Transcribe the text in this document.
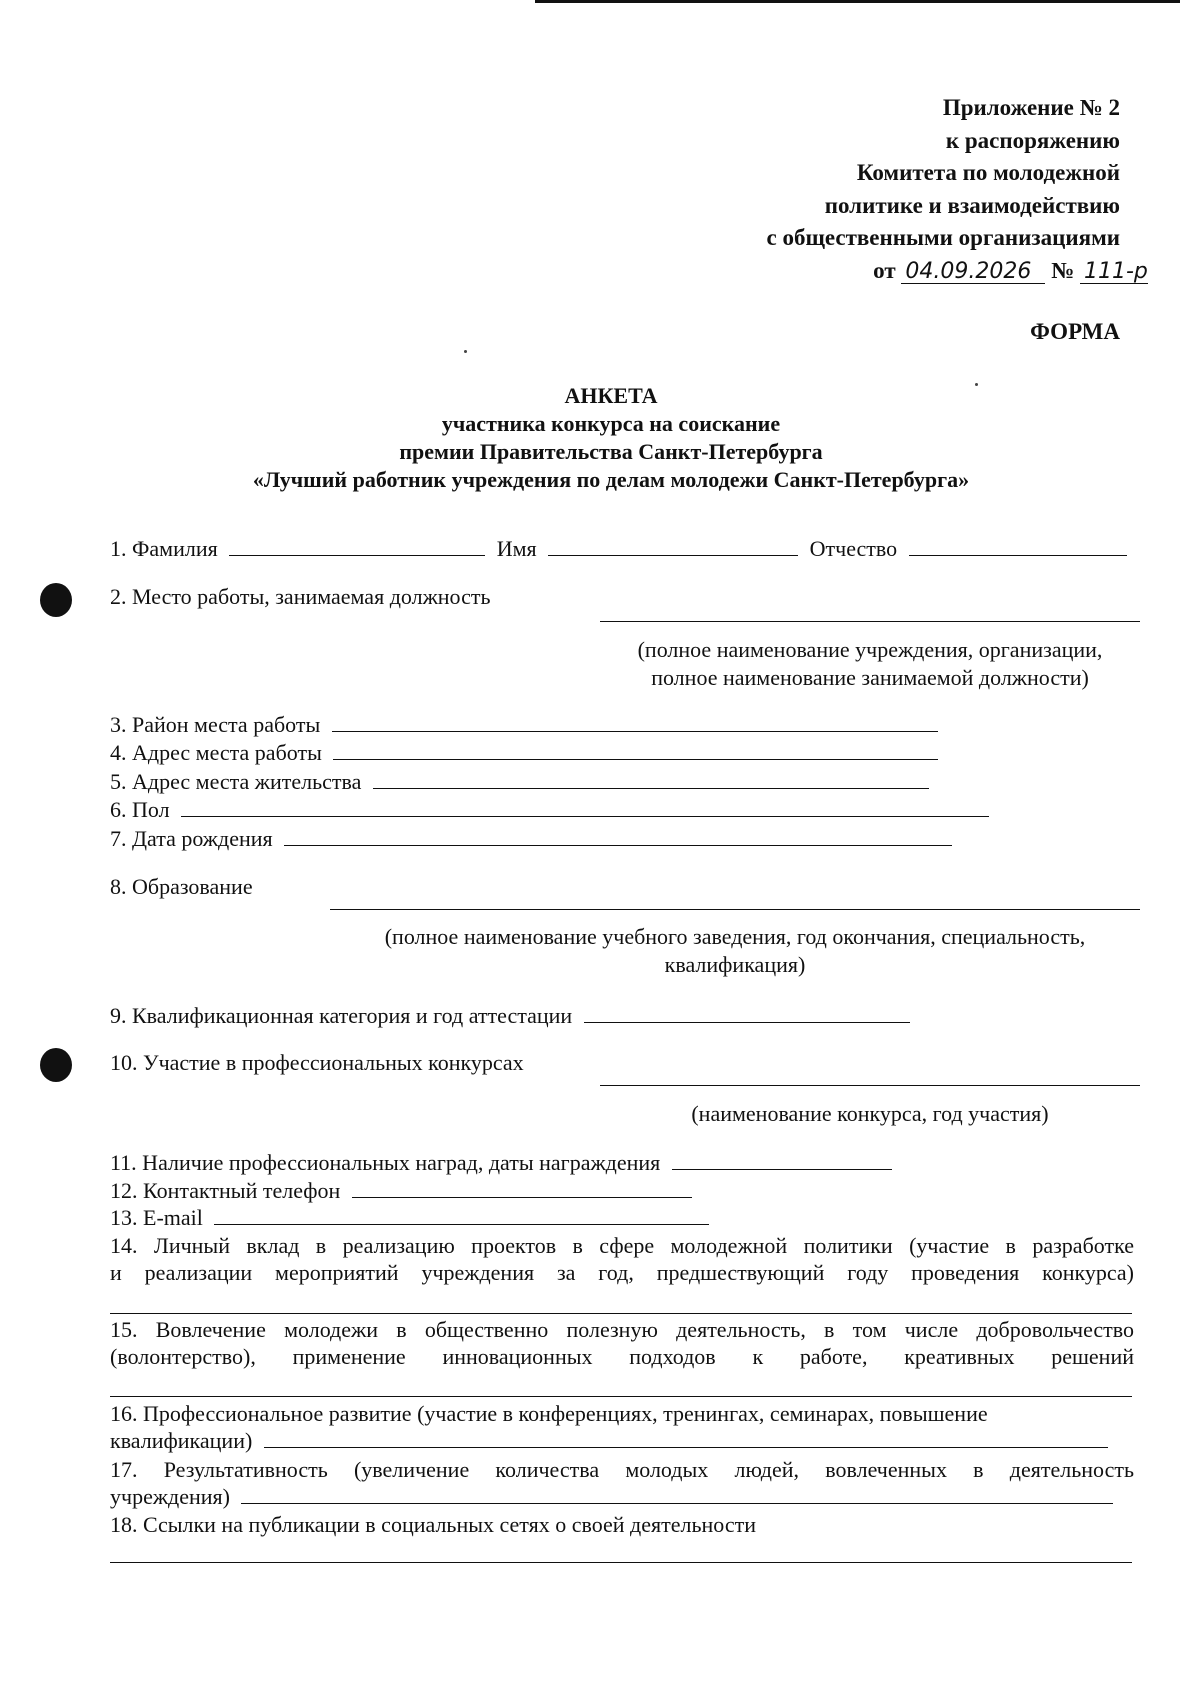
Приложение № 2
к распоряжению
Комитета по молодежной
политике и взаимодействию
с общественными организациями
от 04.09.2026 № 111-р
ФОРМА
АНКЕТА
участника конкурса на соискание
премии Правительства Санкт-Петербурга
«Лучший работник учреждения по делам молодежи Санкт-Петербурга»
1. Фамилия	Имя	Отчество
2. Место работы, занимаемая должность
(полное наименование учреждения, организации,
полное наименование занимаемой должности)
3. Район места работы
4. Адрес места работы
5. Адрес места жительства
6. Пол
7. Дата рождения
8. Образование
(полное наименование учебного заведения, год окончания, специальность,
квалификация)
9. Квалификационная категория и год аттестации
10. Участие в профессиональных конкурсах
(наименование конкурса, год участия)
11. Наличие профессиональных наград, даты награждения
12. Контактный телефон
13. E-mail
14. Личный вклад в реализацию проектов в сфере молодежной политики (участие в разработке
и реализации мероприятий учреждения за год, предшествующий году проведения конкурса)
15. Вовлечение молодежи в общественно полезную деятельность, в том числе добровольчество
(волонтерство), применение инновационных подходов к работе, креативных решений
16. Профессиональное развитие (участие в конференциях, тренингах, семинарах, повышение
квалификации)
17. Результативность (увеличение количества молодых людей, вовлеченных в деятельность
учреждения)
18. Ссылки на публикации в социальных сетях о своей деятельности
